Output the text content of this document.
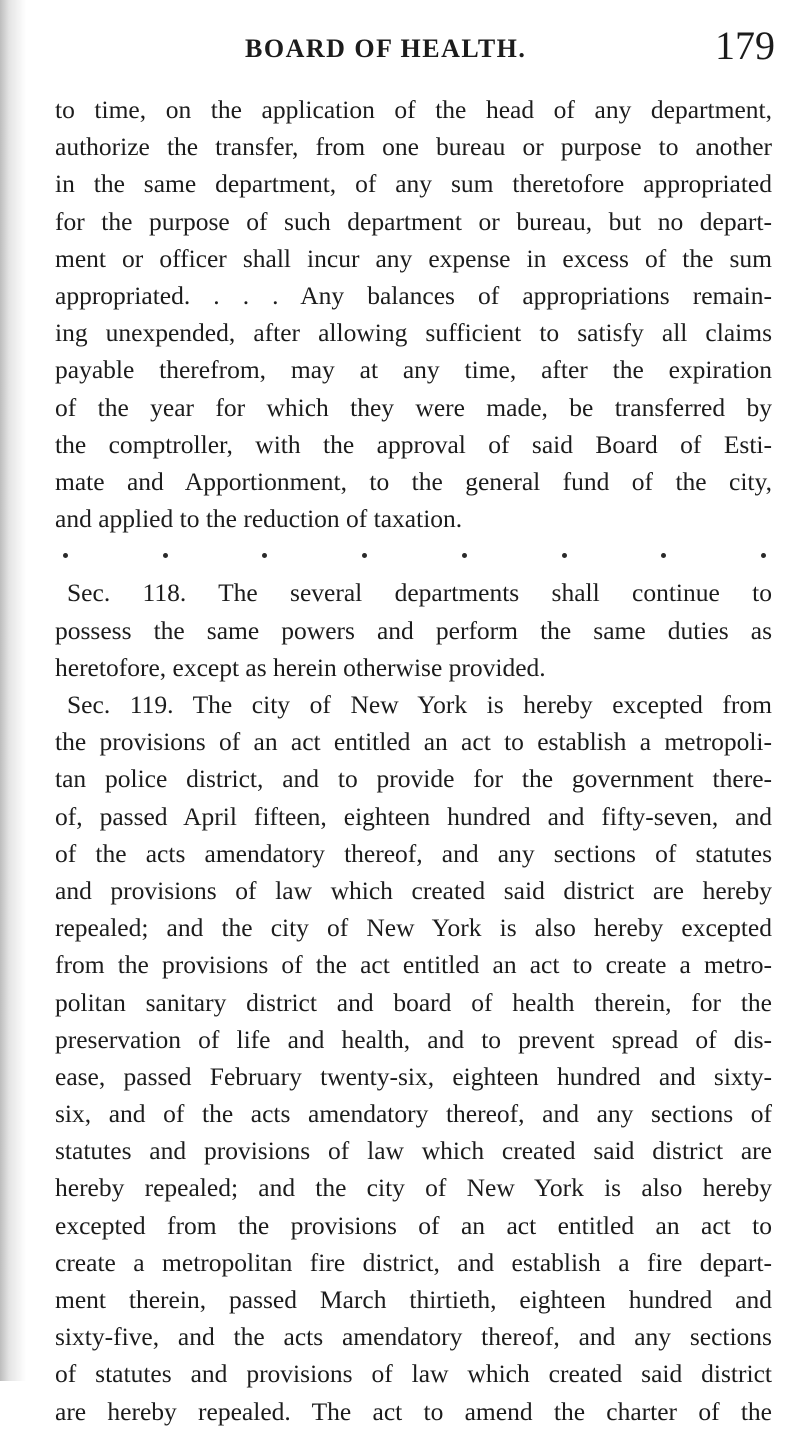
BOARD OF HEALTH.	179
to time, on the application of the head of any department,
authorize the transfer, from one bureau or purpose to another
in the same department, of any sum theretofore appropriated
for the purpose of such department or bureau, but no depart-
ment or officer shall incur any expense in excess of the sum
appropriated. . . . Any balances of appropriations remain-
ing unexpended, after allowing sufficient to satisfy all claims
payable therefrom, may at any time, after the expiration
of the year for which they were made, be transferred by
the comptroller, with the approval of said Board of Esti-
mate and Apportionment, to the general fund of the city,
and applied to the reduction of taxation.
Sec. 118. The several departments shall continue to
possess the same powers and perform the same duties as
heretofore, except as herein otherwise provided.
Sec. 119. The city of New York is hereby excepted from
the provisions of an act entitled an act to establish a metropoli-
tan police district, and to provide for the government there-
of, passed April fifteen, eighteen hundred and fifty-seven, and
of the acts amendatory thereof, and any sections of statutes
and provisions of law which created said district are hereby
repealed; and the city of New York is also hereby excepted
from the provisions of the act entitled an act to create a metro-
politan sanitary district and board of health therein, for the
preservation of life and health, and to prevent spread of dis-
ease, passed February twenty-six, eighteen hundred and sixty-
six, and of the acts amendatory thereof, and any sections of
statutes and provisions of law which created said district are
hereby repealed; and the city of New York is also hereby
excepted from the provisions of an act entitled an act to
create a metropolitan fire district, and establish a fire depart-
ment therein, passed March thirtieth, eighteen hundred and
sixty-five, and the acts amendatory thereof, and any sections
of statutes and provisions of law which created said district
are hereby repealed. The act to amend the charter of the
